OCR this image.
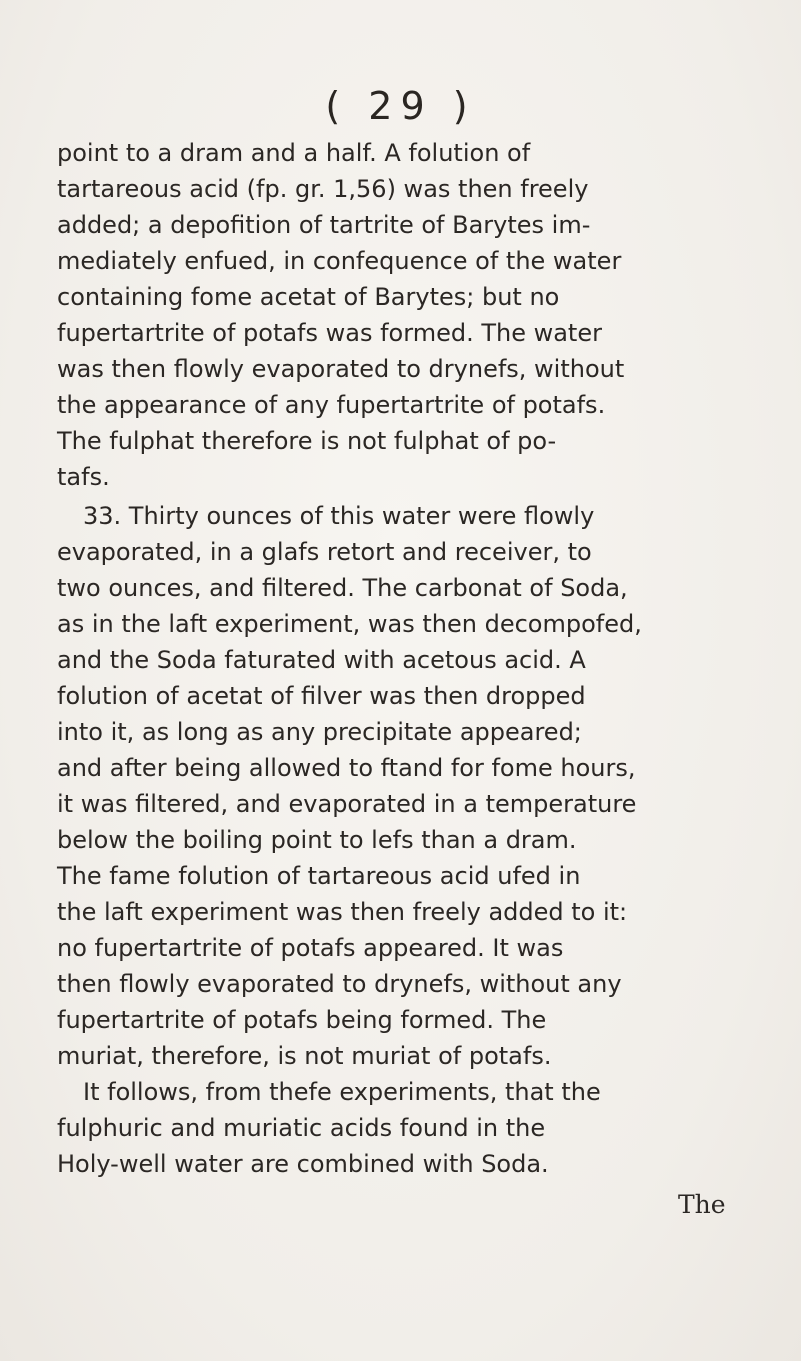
( 29 )
point to a dram and a half. A folution of
tartareous acid (fp. gr. 1,56) was then freely
added; a depofition of tartrite of Barytes im-
mediately enfued, in confequence of the water
containing fome acetat of Barytes; but no
fupertartrite of potafs was formed. The water
was then flowly evaporated to drynefs, without
the appearance of any fupertartrite of potafs.
The fulphat therefore is not fulphat of po-
tafs.
33. Thirty ounces of this water were flowly
evaporated, in a glafs retort and receiver, to
two ounces, and filtered. The carbonat of Soda,
as in the laft experiment, was then decompofed,
and the Soda faturated with acetous acid. A
folution of acetat of filver was then dropped
into it, as long as any precipitate appeared;
and after being allowed to ftand for fome hours,
it was filtered, and evaporated in a temperature
below the boiling point to lefs than a dram.
The fame folution of tartareous acid ufed in
the laft experiment was then freely added to it:
no fupertartrite of potafs appeared. It was
then flowly evaporated to drynefs, without any
fupertartrite of potafs being formed. The
muriat, therefore, is not muriat of potafs.
It follows, from thefe experiments, that the
fulphuric and muriatic acids found in the
Holy-well water are combined with Soda.
The
